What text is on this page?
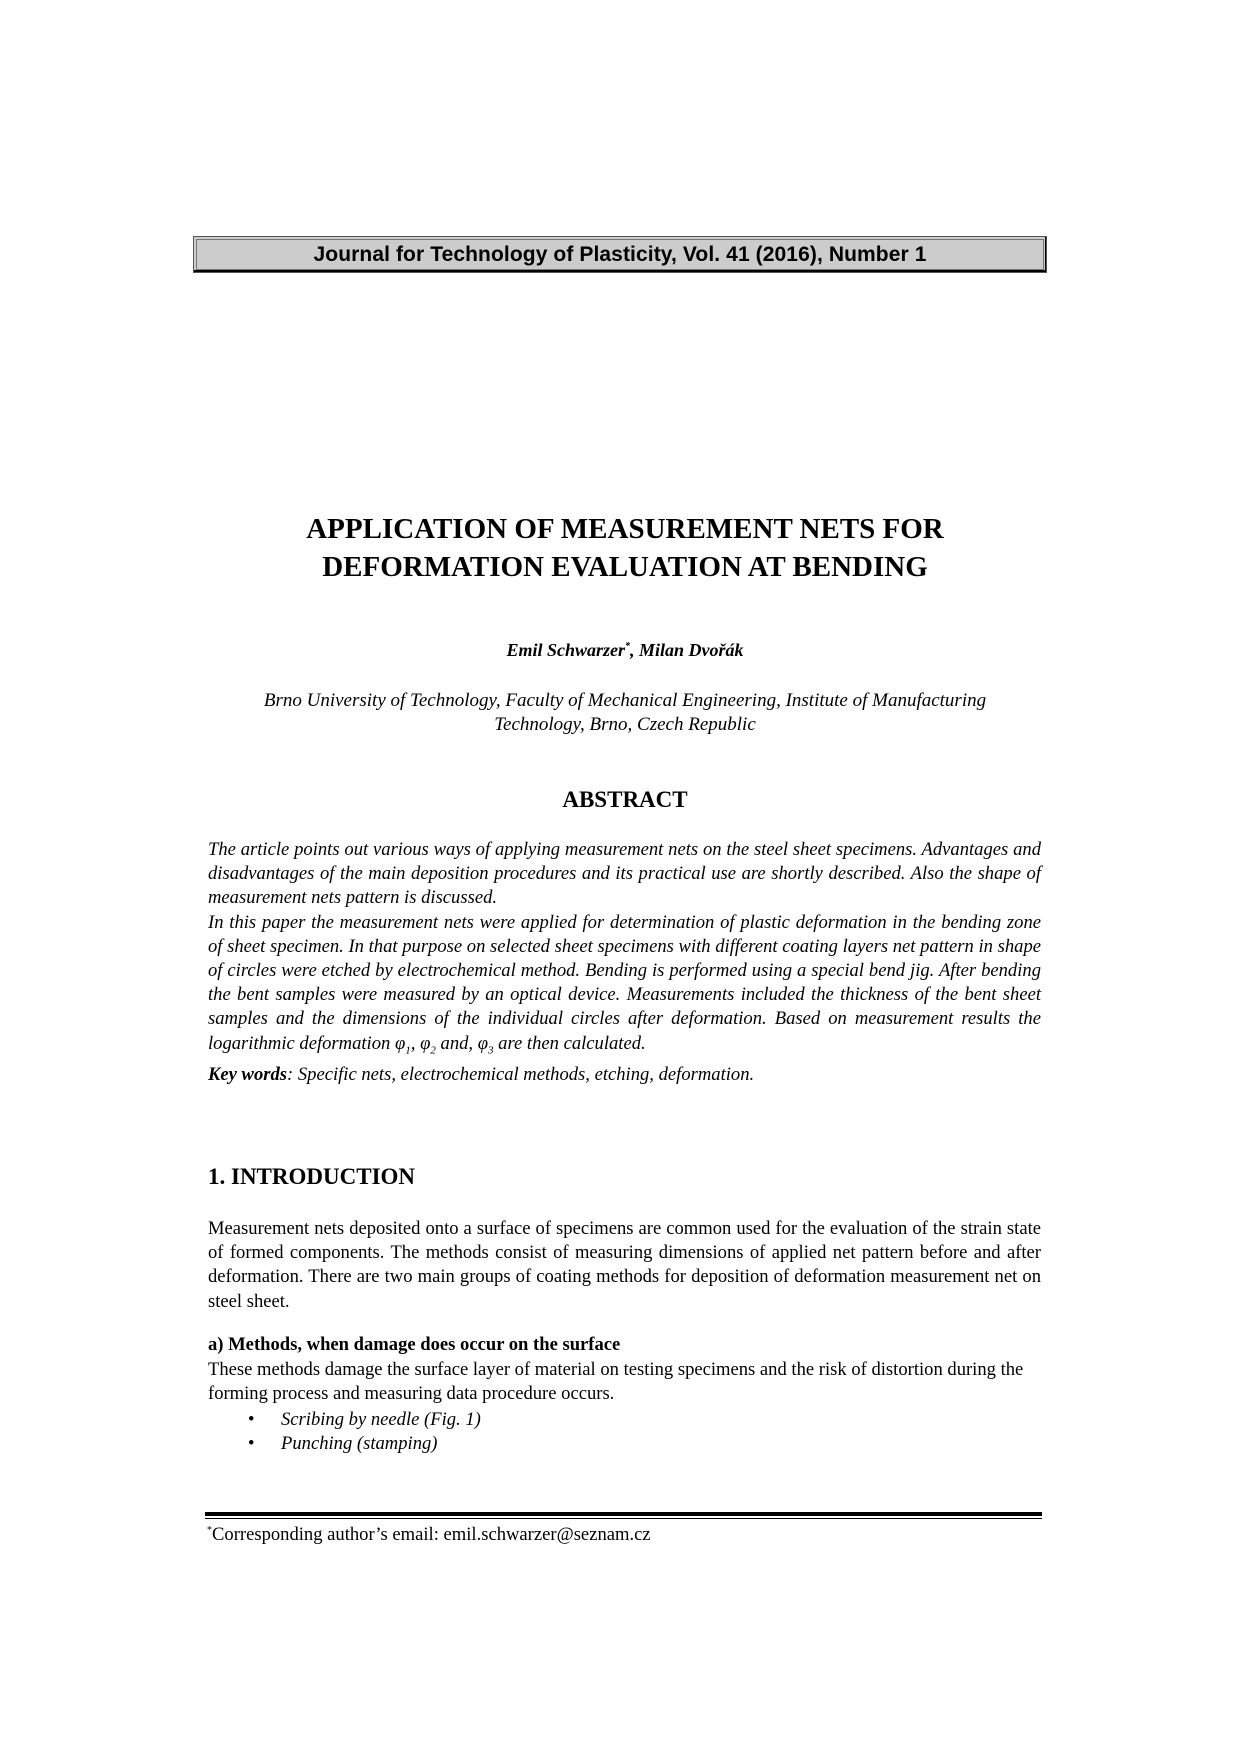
Journal for Technology of Plasticity, Vol. 41 (2016), Number 1
APPLICATION OF MEASUREMENT NETS FOR
DEFORMATION EVALUATION AT BENDING
Emil Schwarzer*, Milan Dvořák
Brno University of Technology, Faculty of Mechanical Engineering, Institute of Manufacturing
Technology, Brno, Czech Republic
ABSTRACT

The article points out various ways of applying measurement nets on the steel sheet specimens. Advantages and disadvantages of the main deposition procedures and its practical use are shortly described. Also the shape of measurement nets pattern is discussed.

In this paper the measurement nets were applied for determination of plastic deformation in the bending zone of sheet specimen. In that purpose on selected sheet specimens with different coating layers net pattern in shape of circles were etched by electrochemical method. Bending is performed using a special bend jig. After bending the bent samples were measured by an optical device. Measurements included the thickness of the bent sheet samples and the dimensions of the individual circles after deformation. Based on measurement results the logarithmic deformation $\varphi_1$, $\varphi_2$ and, $\varphi_3$ are then calculated.

Key words: Specific nets, electrochemical methods, etching, deformation.

1. INTRODUCTION

Measurement nets deposited onto a surface of specimens are common used for the evaluation of the strain state of formed components. The methods consist of measuring dimensions of applied net pattern before and after deformation. There are two main groups of coating methods for deposition of deformation measurement net on steel sheet.

a) Methods, when damage does occur on the surface
These methods damage the surface layer of material on testing specimens and the risk of distortion during the forming process and measuring data procedure occurs.
• Scribing by needle (Fig. 1)
• Punching (stamping)
*Corresponding author’s email: emil.schwarzer@seznam.cz
